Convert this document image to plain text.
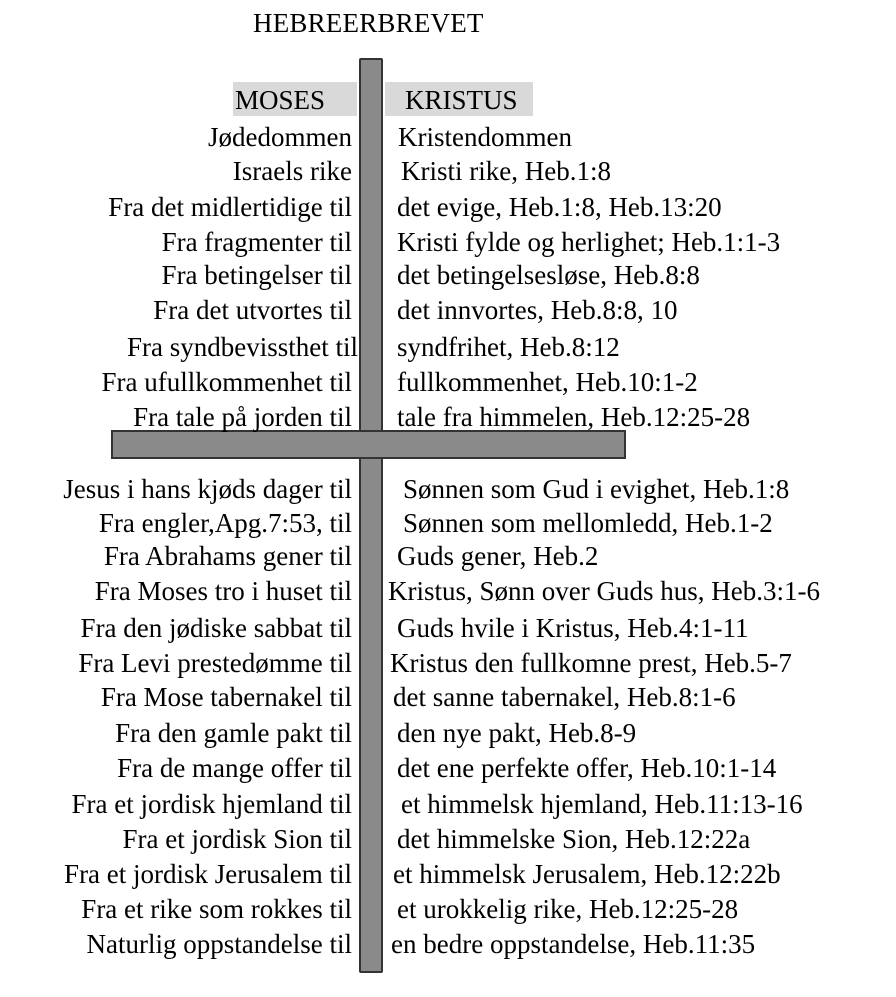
HEBREERBREVET
MOSES	KRISTUS
Jødedommen Kristendommen
Israels rike Kristi rike, Heb.1:8
Fra det midlertidige til det evige, Heb.1:8, Heb.13:20
Fra fragmenter til Kristi fylde og herlighet; Heb.1:1-3
Fra betingelser til det betingelsesløse, Heb.8:8
Fra det utvortes til det innvortes, Heb.8:8, 10
Fra syndbevissthet til syndfrihet, Heb.8:12
Fra ufullkommenhet til fullkommenhet, Heb.10:1-2
Fra tale på jorden til tale fra himmelen, Heb.12:25-28
Jesus i hans kjøds dager til Sønnen som Gud i evighet, Heb.1:8
Fra engler,Apg.7:53, til Sønnen som mellomledd, Heb.1-2
Fra Abrahams gener til Guds gener, Heb.2
Fra Moses tro i huset til Kristus, Sønn over Guds hus, Heb.3:1-6
Fra den jødiske sabbat til Guds hvile i Kristus, Heb.4:1-11
Fra Levi prestedømme til Kristus den fullkomne prest, Heb.5-7
Fra Mose tabernakel til det sanne tabernakel, Heb.8:1-6
Fra den gamle pakt til den nye pakt, Heb.8-9
Fra de mange offer til det ene perfekte offer, Heb.10:1-14
Fra et jordisk hjemland til et himmelsk hjemland, Heb.11:13-16
Fra et jordisk Sion til det himmelske Sion, Heb.12:22a
Fra et jordisk Jerusalem til et himmelsk Jerusalem, Heb.12:22b
Fra et rike som rokkes til et urokkelig rike, Heb.12:25-28
Naturlig oppstandelse til en bedre oppstandelse, Heb.11:35
